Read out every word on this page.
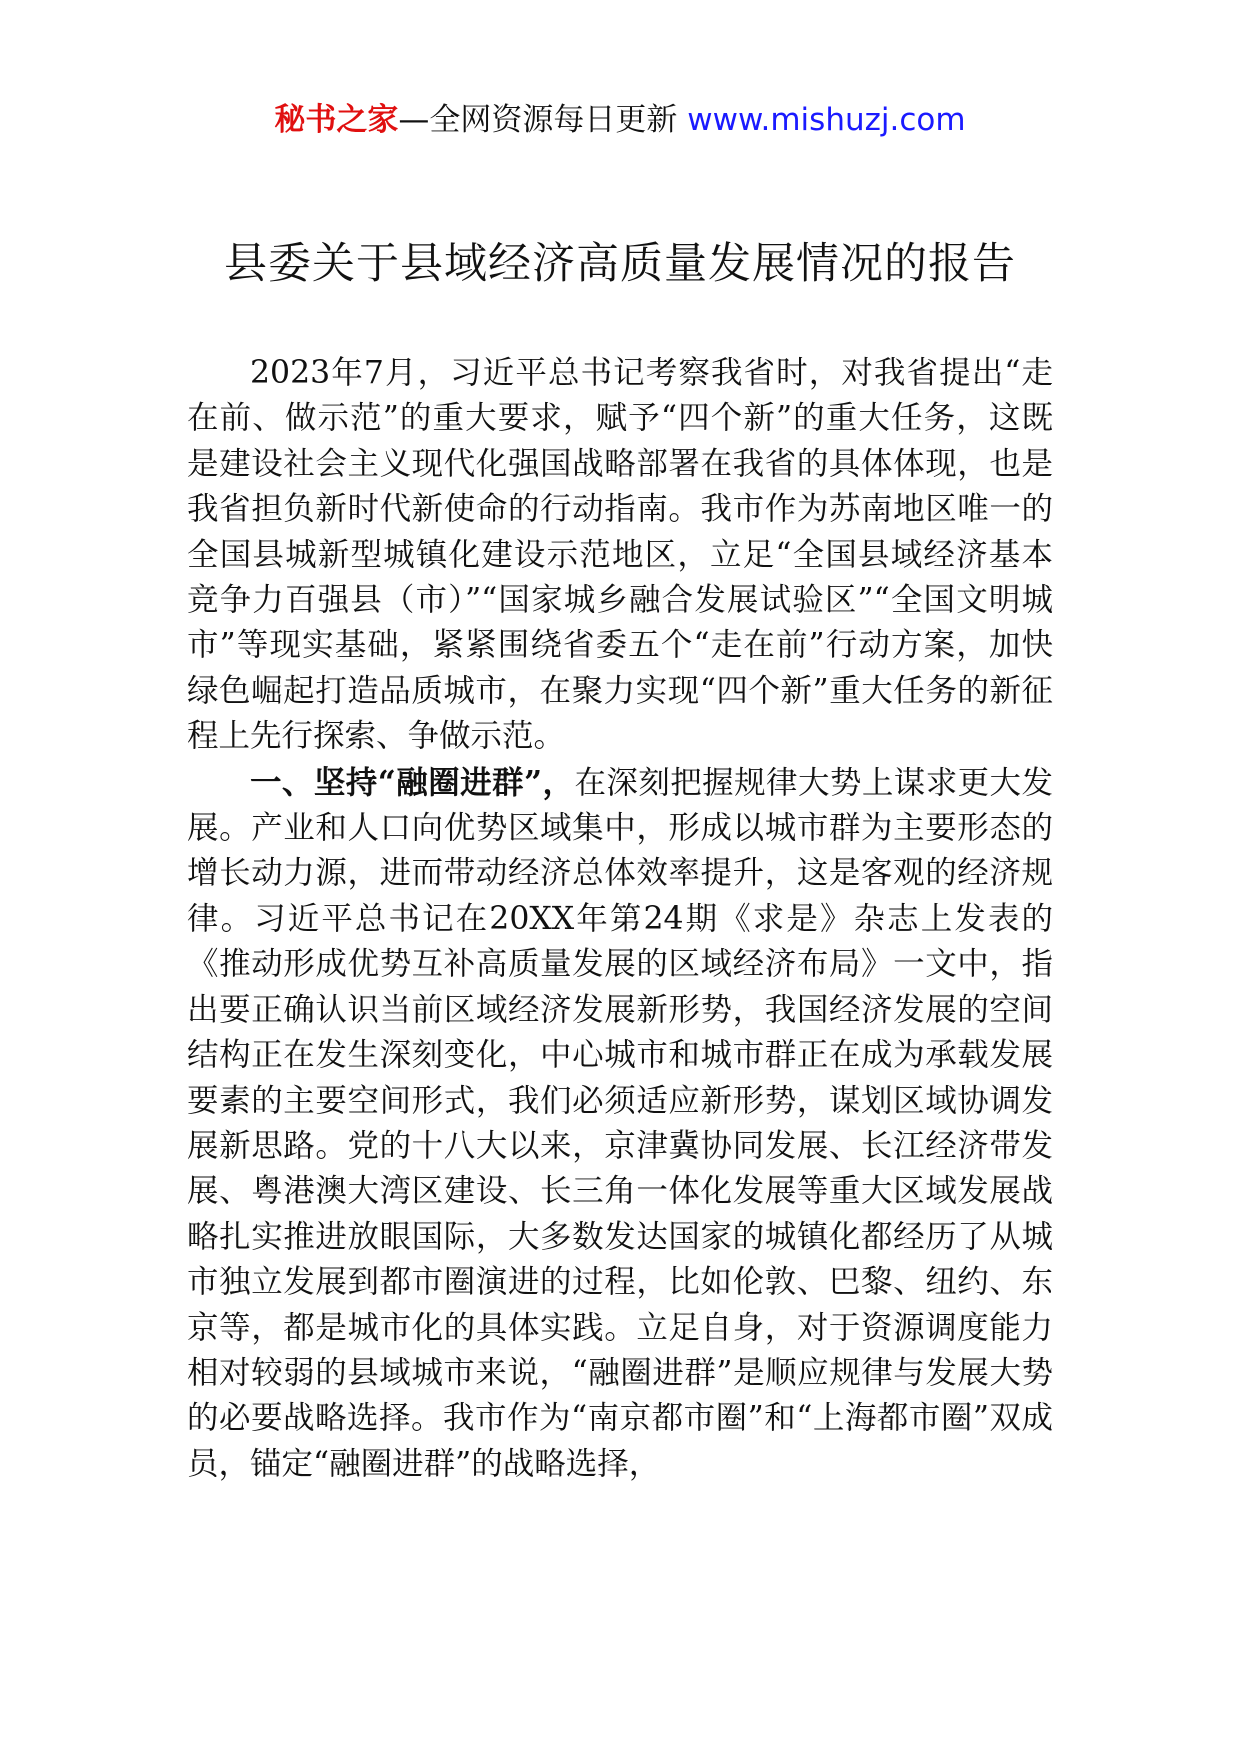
秘书之家—全网资源每日更新 www.mishuzj.com
县委关于县域经济高质量发展情况的报告

2023年7月，习近平总书记考察我省时，对我省提出“走在前、做示范”的重大要求，赋予“四个新”的重大任务，这既是建设社会主义现代化强国战略部署在我省的具体体现，也是我省担负新时代新使命的行动指南。我市作为苏南地区唯一的全国县城新型城镇化建设示范地区，立足“全国县域经济基本竞争力百强县（市）”“国家城乡融合发展试验区”“全国文明城市”等现实基础，紧紧围绕省委五个“走在前”行动方案，加快绿色崛起打造品质城市，在聚力实现“四个新”重大任务的新征程上先行探索、争做示范。

一、坚持“融圈进群”，在深刻把握规律大势上谋求更大发展。产业和人口向优势区域集中，形成以城市群为主要形态的增长动力源，进而带动经济总体效率提升，这是客观的经济规律。习近平总书记在20XX年第24期《求是》杂志上发表的《推动形成优势互补高质量发展的区域经济布局》一文中，指出要正确认识当前区域经济发展新形势，我国经济发展的空间结构正在发生深刻变化，中心城市和城市群正在成为承载发展要素的主要空间形式，我们必须适应新形势，谋划区域协调发展新思路。党的十八大以来，京津冀协同发展、长江经济带发展、粤港澳大湾区建设、长三角一体化发展等重大区域发展战略扎实推进放眼国际，大多数发达国家的城镇化都经历了从城市独立发展到都市圈演进的过程，比如伦敦、巴黎、纽约、东京等，都是城市化的具体实践。立足自身，对于资源调度能力相对较弱的县域城市来说，“融圈进群”是顺应规律与发展大势的必要战略选择。我市作为“南京都市圈”和“上海都市圈”双成员，锚定“融圈进群”的战略选择，
